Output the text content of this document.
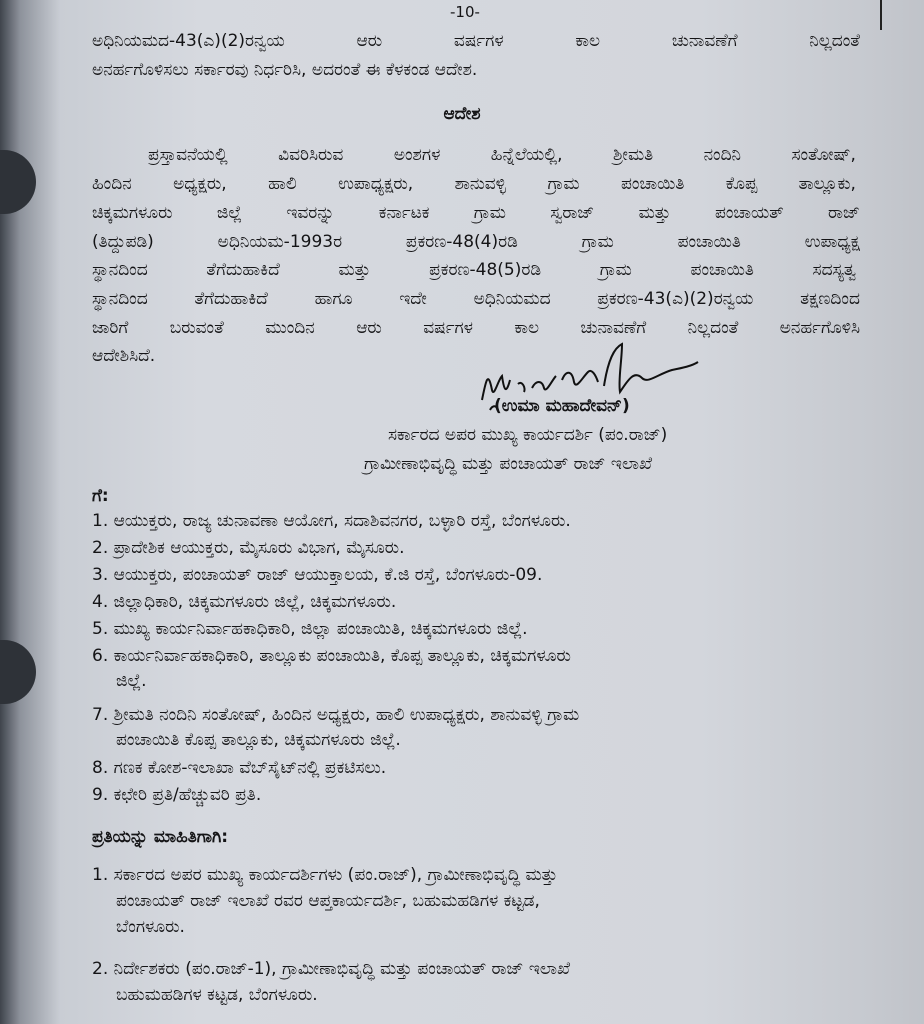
-10-
ಅಧಿನಿಯಮದ-43(ಎ)(2)ರನ್ವಯ	ಆರು	ವರ್ಷಗಳ	ಕಾಲ	ಚುನಾವಣೆಗೆ	ನಿಲ್ಲದಂತೆ
ಅನರ್ಹಗೊಳಿಸಲು ಸರ್ಕಾರವು ನಿರ್ಧರಿಸಿ, ಅದರಂತೆ ಈ ಕೆಳಕಂಡ ಆದೇಶ.
ಆದೇಶ
ಪ್ರಸ್ತಾವನೆಯಲ್ಲಿ	ವಿವರಿಸಿರುವ	ಅಂಶಗಳ	ಹಿನ್ನೆಲೆಯಲ್ಲಿ,	ಶ್ರೀಮತಿ	ನಂದಿನಿ	ಸಂತೋಷ್,
ಹಿಂದಿನ ಅಧ್ಯಕ್ಷರು, ಹಾಲಿ ಉಪಾಧ್ಯಕ್ಷರು, ಶಾನುವಳ್ಳಿ ಗ್ರಾಮ ಪಂಚಾಯಿತಿ ಕೊಪ್ಪ ತಾಲ್ಲೂಕು,
ಚಿಕ್ಕಮಗಳೂರು	ಜಿಲ್ಲೆ	ಇವರನ್ನು	ಕರ್ನಾಟಕ	ಗ್ರಾಮ	ಸ್ವರಾಜ್	ಮತ್ತು	ಪಂಚಾಯತ್	ರಾಜ್
(ತಿದ್ದುಪಡಿ)	ಅಧಿನಿಯಮ-1993ರ	ಪ್ರಕರಣ-48(4)ರಡಿ	ಗ್ರಾಮ	ಪಂಚಾಯಿತಿ	ಉಪಾಧ್ಯಕ್ಷ
ಸ್ಥಾನದಿಂದ	ತೆಗೆದುಹಾಕಿದೆ	ಮತ್ತು	ಪ್ರಕರಣ-48(5)ರಡಿ	ಗ್ರಾಮ	ಪಂಚಾಯಿತಿ	ಸದಸ್ಯತ್ವ
ಸ್ಥಾನದಿಂದ	ತೆಗೆದುಹಾಕಿದೆ	ಹಾಗೂ	ಇದೇ	ಅಧಿನಿಯಮದ	ಪ್ರಕರಣ-43(ಎ)(2)ರನ್ವಯ	ತಕ್ಷಣದಿಂದ
ಜಾರಿಗೆ ಬರುವಂತೆ ಮುಂದಿನ ಆರು ವರ್ಷಗಳ ಕಾಲ ಚುನಾವಣೆಗೆ ನಿಲ್ಲದಂತೆ ಅನರ್ಹಗೊಳಿಸಿ
ಆದೇಶಿಸಿದೆ.
(ಉಮಾ ಮಹಾದೇವನ್)
ಸರ್ಕಾರದ ಅಪರ ಮುಖ್ಯ ಕಾರ್ಯದರ್ಶಿ (ಪಂ.ರಾಜ್)
ಗ್ರಾಮೀಣಾಭಿವೃದ್ಧಿ ಮತ್ತು ಪಂಚಾಯತ್ ರಾಜ್ ಇಲಾಖೆ
ಗೆ:
1. ಆಯುಕ್ತರು, ರಾಜ್ಯ ಚುನಾವಣಾ ಆಯೋಗ, ಸದಾಶಿವನಗರ, ಬಳ್ಳಾರಿ ರಸ್ತೆ, ಬೆಂಗಳೂರು.
2. ಪ್ರಾದೇಶಿಕ ಆಯುಕ್ತರು, ಮೈಸೂರು ವಿಭಾಗ, ಮೈಸೂರು.
3. ಆಯುಕ್ತರು, ಪಂಚಾಯತ್ ರಾಜ್ ಆಯುಕ್ತಾಲಯ, ಕೆ.ಜಿ ರಸ್ತೆ, ಬೆಂಗಳೂರು-09.
4. ಜಿಲ್ಲಾಧಿಕಾರಿ, ಚಿಕ್ಕಮಗಳೂರು ಜಿಲ್ಲೆ, ಚಿಕ್ಕಮಗಳೂರು.
5. ಮುಖ್ಯ ಕಾರ್ಯನಿರ್ವಾಹಕಾಧಿಕಾರಿ, ಜಿಲ್ಲಾ ಪಂಚಾಯಿತಿ, ಚಿಕ್ಕಮಗಳೂರು ಜಿಲ್ಲೆ.
6. ಕಾರ್ಯನಿರ್ವಾಹಕಾಧಿಕಾರಿ, ತಾಲ್ಲೂಕು ಪಂಚಾಯಿತಿ, ಕೊಪ್ಪ ತಾಲ್ಲೂಕು, ಚಿಕ್ಕಮಗಳೂರು
ಜಿಲ್ಲೆ.
7. ಶ್ರೀಮತಿ ನಂದಿನಿ ಸಂತೋಷ್, ಹಿಂದಿನ ಅಧ್ಯಕ್ಷರು, ಹಾಲಿ ಉಪಾಧ್ಯಕ್ಷರು, ಶಾನುವಳ್ಳಿ ಗ್ರಾಮ
ಪಂಚಾಯಿತಿ ಕೊಪ್ಪ ತಾಲ್ಲೂಕು, ಚಿಕ್ಕಮಗಳೂರು ಜಿಲ್ಲೆ.
8. ಗಣಕ ಕೋಶ-ಇಲಾಖಾ ವೆಬ್‌ಸೈಟ್‌ನಲ್ಲಿ ಪ್ರಕಟಿಸಲು.
9. ಕಛೇರಿ ಪ್ರತಿ/ಹೆಚ್ಚುವರಿ ಪ್ರತಿ.
ಪ್ರತಿಯನ್ನು ಮಾಹಿತಿಗಾಗಿ:
1. ಸರ್ಕಾರದ ಅಪರ ಮುಖ್ಯ ಕಾರ್ಯದರ್ಶಿಗಳು (ಪಂ.ರಾಜ್), ಗ್ರಾಮೀಣಾಭಿವೃದ್ಧಿ ಮತ್ತು
ಪಂಚಾಯತ್ ರಾಜ್ ಇಲಾಖೆ ರವರ ಆಪ್ತಕಾರ್ಯದರ್ಶಿ, ಬಹುಮಹಡಿಗಳ ಕಟ್ಟಡ,
ಬೆಂಗಳೂರು.
2. ನಿರ್ದೇಶಕರು (ಪಂ.ರಾಜ್-1), ಗ್ರಾಮೀಣಾಭಿವೃದ್ಧಿ ಮತ್ತು ಪಂಚಾಯತ್ ರಾಜ್ ಇಲಾಖೆ
ಬಹುಮಹಡಿಗಳ ಕಟ್ಟಡ, ಬೆಂಗಳೂರು.
